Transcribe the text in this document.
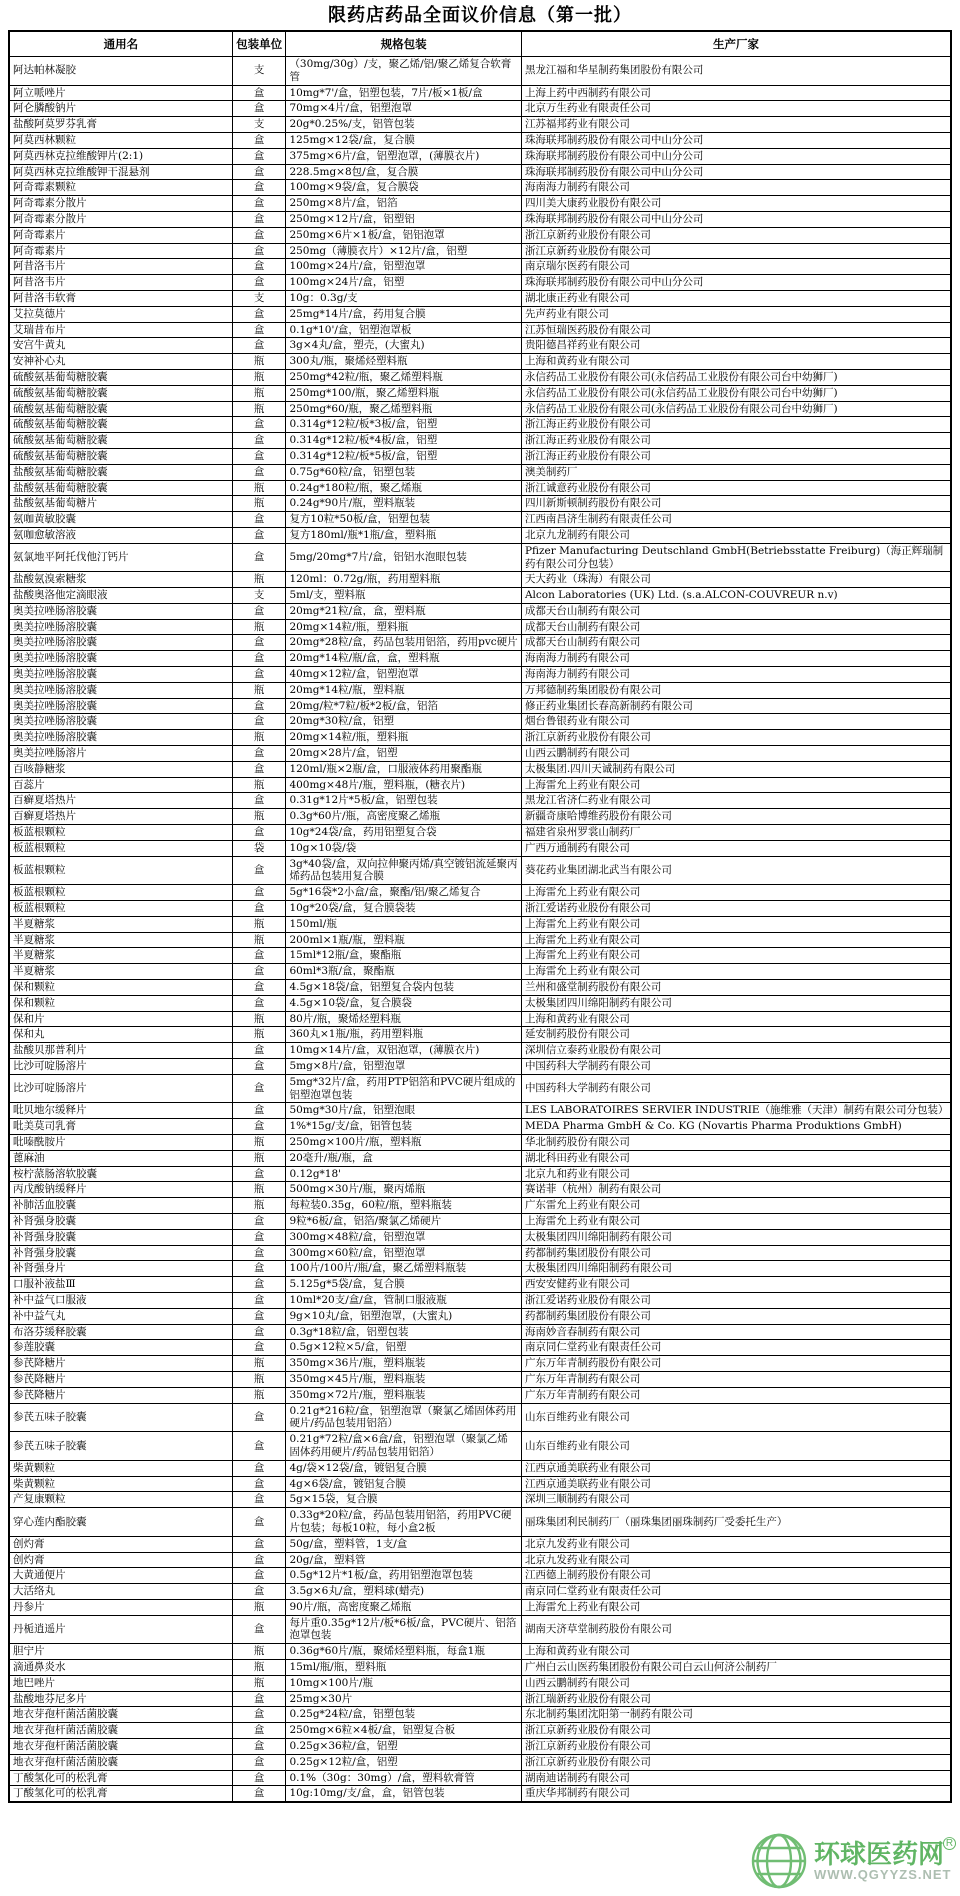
限药店药品全面议价信息（第一批）
通用名	包装单位	规格包装	生产厂家
阿达帕林凝胶	支	（30mg/30g）/支，聚乙烯/铝/聚乙烯复合软膏管	黑龙江福和华星制药集团股份有限公司
阿立哌唑片	盒	10mg*7'/盒，铝塑包装，7片/板×1板/盒	上海上药中西制药有限公司
阿仑膦酸钠片	盒	70mg×4片/盒，铝塑泡罩	北京万生药业有限责任公司
盐酸阿莫罗芬乳膏	支	20g*0.25%/支，铝管包装	江苏福邦药业有限公司
阿莫西林颗粒	盒	125mg×12袋/盒，复合膜	珠海联邦制药股份有限公司中山分公司
阿莫西林克拉维酸钾片(2:1)	盒	375mg×6片/盒，铝塑泡罩，(薄膜衣片)	珠海联邦制药股份有限公司中山分公司
阿莫西林克拉维酸钾干混悬剂	盒	228.5mg×8包/盒，复合膜	珠海联邦制药股份有限公司中山分公司
阿奇霉素颗粒	盒	100mg×9袋/盒，复合膜袋	海南海力制药有限公司
阿奇霉素分散片	盒	250mg×8片/盒，铝箔	四川美大康药业股份有限公司
阿奇霉素分散片	盒	250mg×12片/盒，铝塑铝	珠海联邦制药股份有限公司中山分公司
阿奇霉素片	盒	250mg×6片×1板/盒，铝铝泡罩	浙江京新药业股份有限公司
阿奇霉素片	盒	250mg（薄膜衣片）×12片/盒，铝塑	浙江京新药业股份有限公司
阿昔洛韦片	盒	100mg×24片/盒，铝塑泡罩	南京瑞尔医药有限公司
阿昔洛韦片	盒	100mg×24片/盒，铝塑	珠海联邦制药股份有限公司中山分公司
阿昔洛韦软膏	支	10g：0.3g/支	湖北康正药业有限公司
艾拉莫德片	盒	25mg*14片/盒，药用复合膜	先声药业有限公司
艾瑞昔布片	盒	0.1g*10'/盒，铝塑泡罩板	江苏恒瑞医药股份有限公司
安宫牛黄丸	盒	3g×4丸/盒，塑壳，(大蜜丸)	贵阳德昌祥药业有限公司
安神补心丸	瓶	300丸/瓶，聚烯烃塑料瓶	上海和黄药业有限公司
硫酸氨基葡萄糖胶囊	瓶	250mg*42粒/瓶，聚乙烯塑料瓶	永信药品工业股份有限公司(永信药品工业股份有限公司台中幼狮厂)
硫酸氨基葡萄糖胶囊	瓶	250mg*100/瓶，聚乙烯塑料瓶	永信药品工业股份有限公司(永信药品工业股份有限公司台中幼狮厂)
硫酸氨基葡萄糖胶囊	瓶	250mg*60/瓶，聚乙烯塑料瓶	永信药品工业股份有限公司(永信药品工业股份有限公司台中幼狮厂)
硫酸氨基葡萄糖胶囊	盒	0.314g*12粒/板*3板/盒，铝塑	浙江海正药业股份有限公司
硫酸氨基葡萄糖胶囊	盒	0.314g*12粒/板*4板/盒，铝塑	浙江海正药业股份有限公司
硫酸氨基葡萄糖胶囊	盒	0.314g*12粒/板*5板/盒，铝塑	浙江海正药业股份有限公司
盐酸氨基葡萄糖胶囊	盒	0.75g*60粒/盒，铝塑包装	澳美制药厂
盐酸氨基葡萄糖胶囊	瓶	0.24g*180粒/瓶，聚乙烯瓶	浙江诚意药业股份有限公司
盐酸氨基葡萄糖片	瓶	0.24g*90片/瓶，塑料瓶装	四川新斯顿制药股份有限公司
氨咖黄敏胶囊	盒	复方10粒*50板/盒，铝塑包装	江西南昌济生制药有限责任公司
氨咖愈敏溶液	盒	复方180ml/瓶*1瓶/盒，塑料瓶	北京九龙制药有限公司
氨氯地平阿托伐他汀钙片	盒	5mg/20mg*7片/盒，铝铝水泡眼包装	Pfizer Manufacturing Deutschland GmbH(Betriebsstatte Freiburg)（海正辉瑞制药有限公司分包装）
盐酸氨溴索糖浆	瓶	120ml：0.72g/瓶，药用塑料瓶	天大药业（珠海）有限公司
盐酸奥洛他定滴眼液	支	5ml/支，塑料瓶	Alcon Laboratories (UK) Ltd. (s.a.ALCON-COUVREUR n.v)
奥美拉唑肠溶胶囊	盒	20mg*21粒/盒，盒，塑料瓶	成都天台山制药有限公司
奥美拉唑肠溶胶囊	瓶	20mg×14粒/瓶，塑料瓶	成都天台山制药有限公司
奥美拉唑肠溶胶囊	盒	20mg*28粒/盒，药品包装用铝箔，药用pvc硬片	成都天台山制药有限公司
奥美拉唑肠溶胶囊	盒	20mg*14粒/瓶/盒，盒，塑料瓶	海南海力制药有限公司
奥美拉唑肠溶胶囊	盒	40mg×12粒/盒，铝塑泡罩	海南海力制药有限公司
奥美拉唑肠溶胶囊	瓶	20mg*14粒/瓶，塑料瓶	万邦德制药集团股份有限公司
奥美拉唑肠溶胶囊	盒	20mg/粒*7粒/板*2板/盒，铝箔	修正药业集团长春高新制药有限公司
奥美拉唑肠溶胶囊	盒	20mg*30粒/盒，铝塑	烟台鲁银药业有限公司
奥美拉唑肠溶胶囊	瓶	20mg×14粒/瓶，塑料瓶	浙江京新药业股份有限公司
奥美拉唑肠溶片	盒	20mg×28片/盒，铝塑	山西云鹏制药有限公司
百咳静糖浆	盒	120ml/瓶×2瓶/盒，口服液体药用聚酯瓶	太极集团.四川天诚制药有限公司
百蕊片	瓶	400mg×48片/瓶，塑料瓶，(糖衣片)	上海雷允上药业有限公司
百癣夏塔热片	盒	0.31g*12片*5板/盒，铝塑包装	黑龙江省济仁药业有限公司
百癣夏塔热片	瓶	0.3g*60片/瓶，高密度聚乙烯瓶	新疆奇康哈博维药股份有限公司
板蓝根颗粒	盒	10g*24袋/盒，药用铝塑复合袋	福建省泉州罗裳山制药厂
板蓝根颗粒	袋	10g×10袋/袋	广西万通制药有限公司
板蓝根颗粒	盒	3g*40袋/盒，双向拉伸聚丙烯/真空镀铝流延聚丙烯药品包装用复合膜	葵花药业集团湖北武当有限公司
板蓝根颗粒	盒	5g*16袋*2小盒/盒，聚酯/铝/聚乙烯复合	上海雷允上药业有限公司
板蓝根颗粒	盒	10g*20袋/盒，复合膜袋装	浙江爱诺药业股份有限公司
半夏糖浆	瓶	150ml/瓶	上海雷允上药业有限公司
半夏糖浆	瓶	200ml×1瓶/瓶，塑料瓶	上海雷允上药业有限公司
半夏糖浆	盒	15ml*12瓶/盒，聚酯瓶	上海雷允上药业有限公司
半夏糖浆	盒	60ml*3瓶/盒，聚酯瓶	上海雷允上药业有限公司
保和颗粒	盒	4.5g×18袋/盒，铝塑复合袋内包装	兰州和盛堂制药股份有限公司
保和颗粒	盒	4.5g×10袋/盒，复合膜袋	太极集团四川绵阳制药有限公司
保和片	瓶	80片/瓶，聚烯烃塑料瓶	上海和黄药业有限公司
保和丸	瓶	360丸×1瓶/瓶，药用塑料瓶	延安制药股份有限公司
盐酸贝那普利片	盒	10mg×14片/盒，双铝泡罩，(薄膜衣片)	深圳信立泰药业股份有限公司
比沙可啶肠溶片	盒	5mg×8片/盒，铝塑泡罩	中国药科大学制药有限公司
比沙可啶肠溶片	盒	5mg*32片/盒，药用PTP铝箔和PVC硬片组成的铝塑泡罩包装	中国药科大学制药有限公司
吡贝地尔缓释片	盒	50mg*30片/盒，铝塑泡眼	LES LABORATOIRES SERVIER INDUSTRIE（施维雅（天津）制药有限公司分包装）
吡美莫司乳膏	盒	1%*15g/支/盒，铝管包装	MEDA Pharma GmbH & Co. KG (Novartis Pharma Produktions GmbH)
吡嗪酰胺片	瓶	250mg×100片/瓶，塑料瓶	华北制药股份有限公司
蓖麻油	瓶	20毫升/瓶/瓶，盒	湖北科田药业有限公司
桉柠蒎肠溶软胶囊	盒	0.12g*18'	北京九和药业有限公司
丙戊酸钠缓释片	瓶	500mg×30片/瓶，聚丙烯瓶	赛诺菲（杭州）制药有限公司
补肺活血胶囊	瓶	每粒装0.35g，60粒/瓶，塑料瓶装	广东雷允上药业有限公司
补肾强身胶囊	盒	9粒*6板/盒，铝箔/聚氯乙烯硬片	上海雷允上药业有限公司
补肾强身胶囊	盒	300mg×48粒/盒，铝塑泡罩	太极集团四川绵阳制药有限公司
补肾强身胶囊	盒	300mg×60粒/盒，铝塑泡罩	药都制药集团股份有限公司
补肾强身片	盒	100片/100片/瓶/盒，聚乙烯塑料瓶装	太极集团四川绵阳制药有限公司
口服补液盐Ⅲ	盒	5.125g*5袋/盒，复合膜	西安安健药业有限公司
补中益气口服液	盒	10ml*20支/盒/盒，管制口服液瓶	浙江爱诺药业股份有限公司
补中益气丸	盒	9g×10丸/盒，铝塑泡罩，(大蜜丸)	药都制药集团股份有限公司
布洛芬缓释胶囊	盒	0.3g*18粒/盒，铝塑包装	海南妙音春制药有限公司
参莲胶囊	盒	0.5g×12粒×5/盒，铝塑	南京同仁堂药业有限责任公司
参芪降糖片	瓶	350mg×36片/瓶，塑料瓶装	广东万年青制药股份有限公司
参芪降糖片	瓶	350mg×45片/瓶，塑料瓶装	广东万年青制药有限公司
参芪降糖片	瓶	350mg×72片/瓶，塑料瓶装	广东万年青制药有限公司
参芪五味子胶囊	盒	0.21g*216粒/盒，铝塑泡罩（聚氯乙烯固体药用硬片/药品包装用铝箔）	山东百维药业有限公司
参芪五味子胶囊	盒	0.21g*72粒/盒×6盒/盒，铝塑泡罩（聚氯乙烯固体药用硬片/药品包装用铝箔）	山东百维药业有限公司
柴黄颗粒	盒	4g/袋×12袋/盒，镀铝复合膜	江西京通美联药业有限公司
柴黄颗粒	盒	4g×6袋/盒，镀铝复合膜	江西京通美联药业有限公司
产复康颗粒	盒	5g×15袋，复合膜	深圳三顺制药有限公司
穿心莲内酯胶囊	盒	0.33g*20粒/盒，药品包装用铝箔，药用PVC硬片包装；每板10粒，每小盒2板	丽珠集团利民制药厂（丽珠集团丽珠制药厂受委托生产）
创灼膏	盒	50g/盒，塑料管，1支/盒	北京九发药业有限公司
创灼膏	盒	20g/盒，塑料管	北京九发药业有限公司
大黄通便片	盒	0.5g*12片*1板/盒，药用铝塑泡罩包装	江西德上制药股份有限公司
大活络丸	盒	3.5g×6丸/盒，塑料球(蜡壳)	南京同仁堂药业有限责任公司
丹参片	瓶	90片/瓶，高密度聚乙烯瓶	上海雷允上药业有限公司
丹栀逍遥片	盒	每片重0.35g*12片/板*6板/盒，PVC硬片、铝箔泡罩包装	湖南天济草堂制药股份有限公司
胆宁片	瓶	0.36g*60片/瓶，聚烯烃塑料瓶，每盒1瓶	上海和黄药业有限公司
滴通鼻炎水	瓶	15ml/瓶/瓶，塑料瓶	广州白云山医药集团股份有限公司白云山何济公制药厂
地巴唑片	瓶	10mg×100片/瓶	山西云鹏制药有限公司
盐酸地芬尼多片	盒	25mg×30片	浙江瑞新药业股份有限公司
地衣芽孢杆菌活菌胶囊	盒	0.25g*24粒/盒，铝塑包装	东北制药集团沈阳第一制药有限公司
地衣芽孢杆菌活菌胶囊	盒	250mg×6粒×4板/盒，铝塑复合板	浙江京新药业股份有限公司
地衣芽孢杆菌活菌胶囊	盒	0.25g×36粒/盒，铝塑	浙江京新药业股份有限公司
地衣芽孢杆菌活菌胶囊	盒	0.25g×12粒/盒，铝塑	浙江京新药业股份有限公司
丁酸氢化可的松乳膏	盒	0.1%（30g：30mg）/盒，塑料软膏管	湖南迪诺制药有限公司
丁酸氢化可的松乳膏	盒	10g:10mg/支/盒，盒，铝管包装	重庆华邦制药有限公司
环球医药网 R
WWW.QGYYZS.NET
